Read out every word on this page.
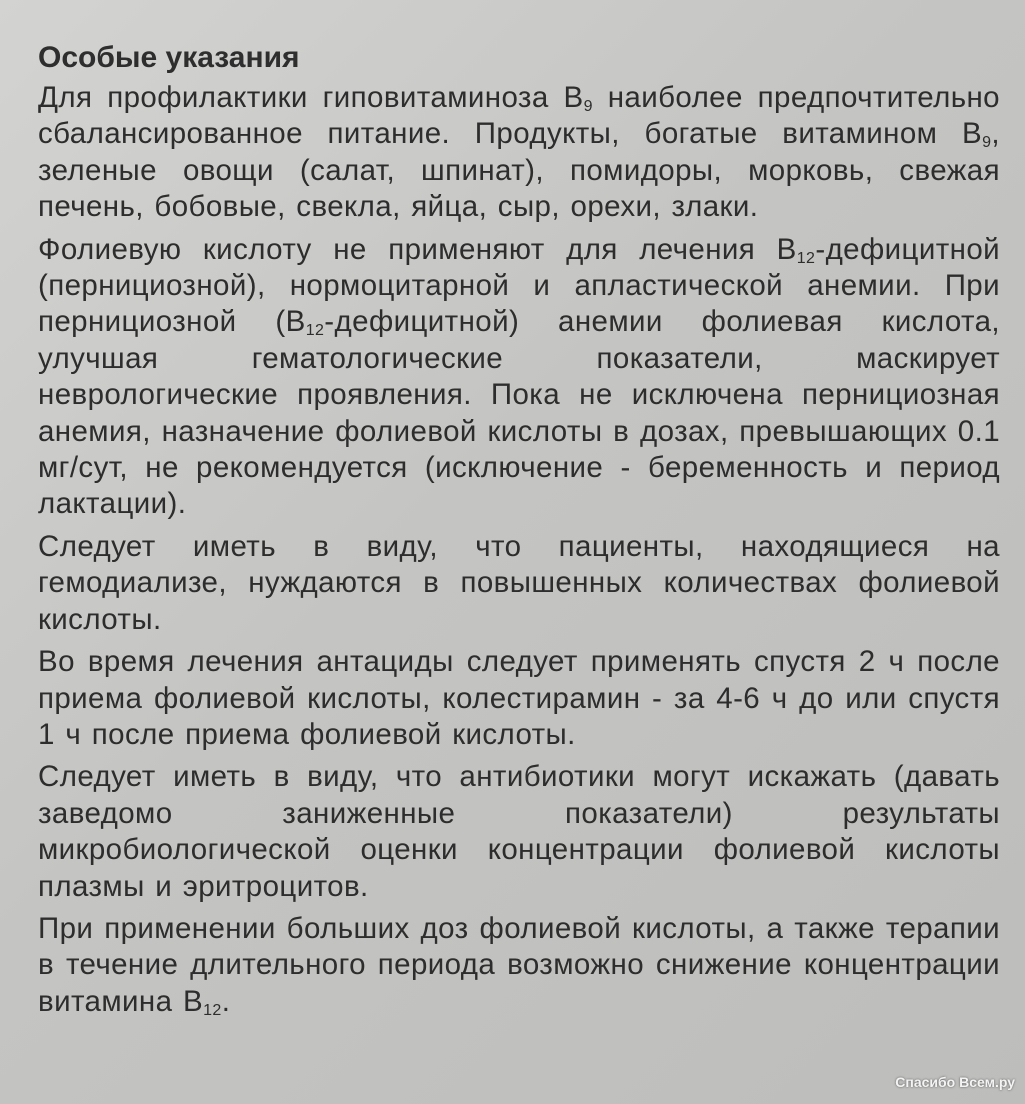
Особые указания
Для профилактики гиповитаминоза $В_9$ наиболее предпочтительно сбалансированное питание. Продукты, богатые витамином $В_9$, зеленые овощи (салат, шпинат), помидоры, морковь, свежая печень, бобовые, свекла, яйца, сыр, орехи, злаки.
Фолиевую кислоту не применяют для лечения $В_{12}$-дефицитной (пернициозной), нормоцитарной и апластической анемии. При пернициозной $(В_{12}-дефицитной)$ анемии фолиевая кислота, улучшая гематологические показатели, маскирует неврологические проявления. Пока не исключена пернициозная анемия, назначение фолиевой кислоты в дозах, превышающих 0.1 мг/сут, не рекомендуется (исключение - беременность и период лактации).
Следует иметь в виду, что пациенты, находящиеся на гемодиализе, нуждаются в повышенных количествах фолиевой кислоты.
Во время лечения антациды следует применять спустя 2 ч после приема фолиевой кислоты, колестирамин - за 4-6 ч до или спустя 1 ч после приема фолиевой кислоты.
Следует иметь в виду, что антибиотики могут искажать (давать заведомо заниженные показатели) результаты микробиологической оценки концентрации фолиевой кислоты плазмы и эритроцитов.
При применении больших доз фолиевой кислоты, а также терапии в течение длительного периода возможно снижение концентрации витамина $В_{12}$.
Спасибо Всем.ру
